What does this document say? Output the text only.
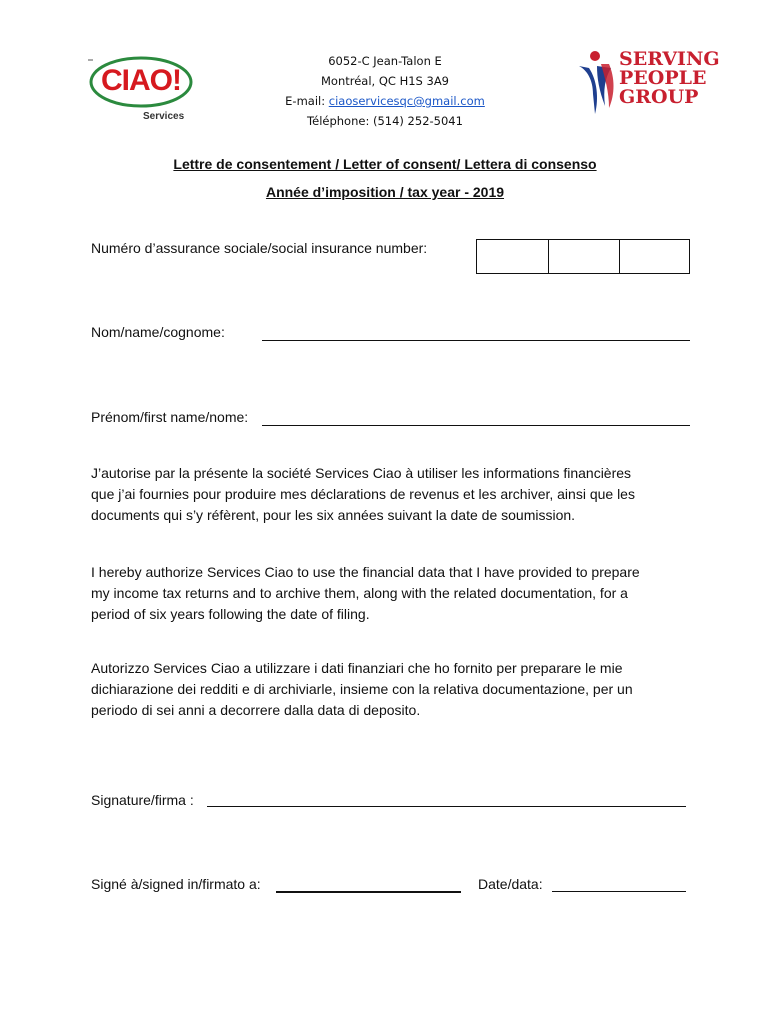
CIAO!
Services
6052-C Jean-Talon E
Montréal, QC H1S 3A9
E-mail: ciaoservicesqc@gmail.com
Téléphone: (514) 252-5041
SERVING
PEOPLE
GROUP
Lettre de consentement / Letter of consent/ Lettera di consenso
Année d’imposition / tax year - 2019
Numéro d’assurance sociale/social insurance number:
Nom/name/cognome:
Prénom/first name/nome:
J’autorise par la présente la société Services Ciao à utiliser les informations financières
que j’ai fournies pour produire mes déclarations de revenus et les archiver, ainsi que les
documents qui s’y réfèrent, pour les six années suivant la date de soumission.
I hereby authorize Services Ciao to use the financial data that I have provided to prepare
my income tax returns and to archive them, along with the related documentation, for a
period of six years following the date of filing.
Autorizzo Services Ciao a utilizzare i dati finanziari che ho fornito per preparare le mie
dichiarazione dei redditi e di archiviarle, insieme con la relativa documentazione, per un
periodo di sei anni a decorrere dalla data di deposito.
Signature/firma :
Signé à/signed in/firmato a:	Date/data:
